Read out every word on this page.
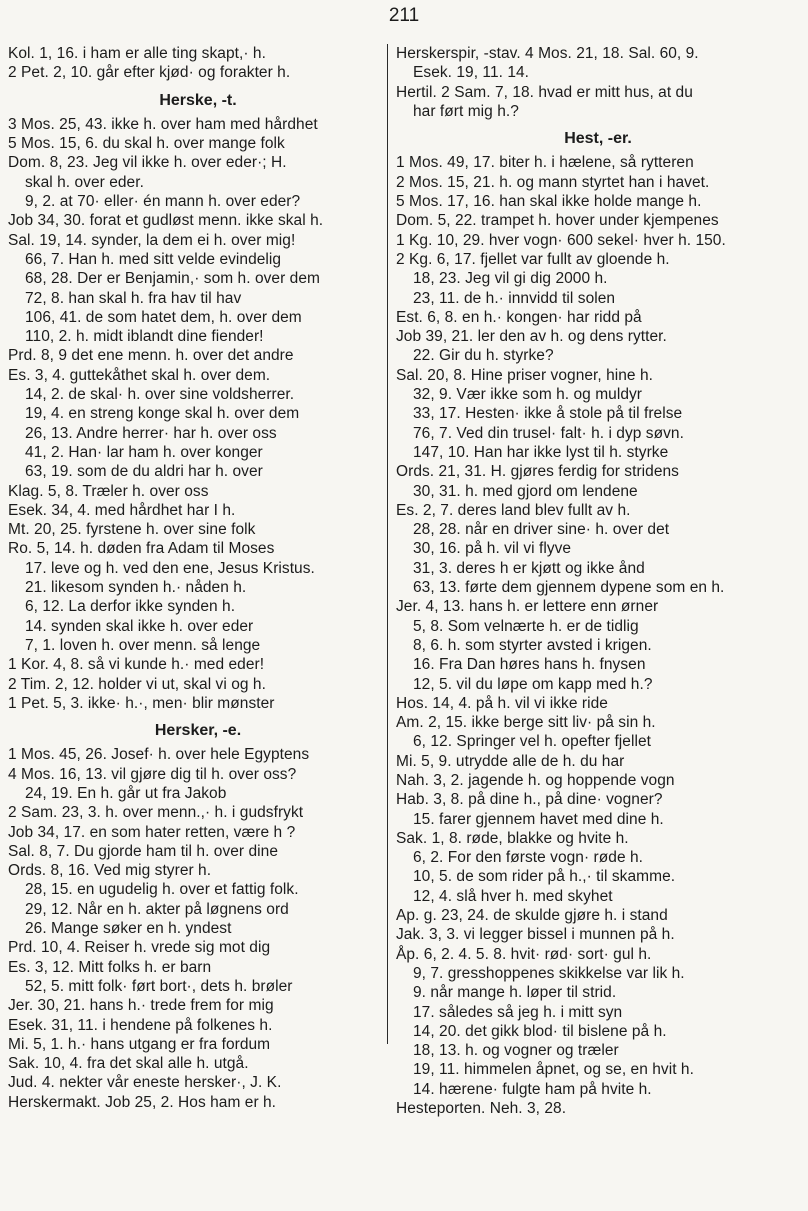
211
Kol. 1, 16. i ham er alle ting skapt,· h.
2 Pet. 2, 10. går efter kjød· og forakter h.
Herske, -t.
3 Mos. 25, 43. ikke h. over ham med hårdhet
5 Mos. 15, 6. du skal h. over mange folk
Dom. 8, 23. Jeg vil ikke h. over eder·; H.
skal h. over eder.
9, 2. at 70· eller· én mann h. over eder?
Job 34, 30. forat et gudløst menn. ikke skal h.
Sal. 19, 14. synder, la dem ei h. over mig!
66, 7. Han h. med sitt velde evindelig
68, 28. Der er Benjamin,· som h. over dem
72, 8. han skal h. fra hav til hav
106, 41. de som hatet dem, h. over dem
110, 2. h. midt iblandt dine fiender!
Prd. 8, 9 det ene menn. h. over det andre
Es. 3, 4. guttekåthet skal h. over dem.
14, 2. de skal· h. over sine voldsherrer.
19, 4. en streng konge skal h. over dem
26, 13. Andre herrer· har h. over oss
41, 2. Han· lar ham h. over konger
63, 19. som de du aldri har h. over
Klag. 5, 8. Træler h. over oss
Esek. 34, 4. med hårdhet har I h.
Mt. 20, 25. fyrstene h. over sine folk
Ro. 5, 14. h. døden fra Adam til Moses
17. leve og h. ved den ene, Jesus Kristus.
21. likesom synden h.· nåden h.
6, 12. La derfor ikke synden h.
14. synden skal ikke h. over eder
7, 1. loven h. over menn. så lenge
1 Kor. 4, 8. så vi kunde h.· med eder!
2 Tim. 2, 12. holder vi ut, skal vi og h.
1 Pet. 5, 3. ikke· h.·, men· blir mønster
Hersker, -e.
1 Mos. 45, 26. Josef· h. over hele Egyptens
4 Mos. 16, 13. vil gjøre dig til h. over oss?
24, 19. En h. går ut fra Jakob
2 Sam. 23, 3. h. over menn.,· h. i gudsfrykt
Job 34, 17. en som hater retten, være h ?
Sal. 8, 7. Du gjorde ham til h. over dine
Ords. 8, 16. Ved mig styrer h.
28, 15. en ugudelig h. over et fattig folk.
29, 12. Når en h. akter på løgnens ord
26. Mange søker en h. yndest
Prd. 10, 4. Reiser h. vrede sig mot dig
Es. 3, 12. Mitt folks h. er barn
52, 5. mitt folk· ført bort·, dets h. brøler
Jer. 30, 21. hans h.· trede frem for mig
Esek. 31, 11. i hendene på folkenes h.
Mi. 5, 1. h.· hans utgang er fra fordum
Sak. 10, 4. fra det skal alle h. utgå.
Jud. 4. nekter vår eneste hersker·, J. K.
Herskermakt. Job 25, 2. Hos ham er h.
Herskerspir, -stav. 4 Mos. 21, 18. Sal. 60, 9.
Esek. 19, 11. 14.
Hertil. 2 Sam. 7, 18. hvad er mitt hus, at du
har ført mig h.?
Hest, -er.
1 Mos. 49, 17. biter h. i hælene, så rytteren
2 Mos. 15, 21. h. og mann styrtet han i havet.
5 Mos. 17, 16. han skal ikke holde mange h.
Dom. 5, 22. trampet h. hover under kjempenes
1 Kg. 10, 29. hver vogn· 600 sekel· hver h. 150.
2 Kg. 6, 17. fjellet var fullt av gloende h.
18, 23. Jeg vil gi dig 2000 h.
23, 11. de h.· innvidd til solen
Est. 6, 8. en h.· kongen· har ridd på
Job 39, 21. ler den av h. og dens rytter.
22. Gir du h. styrke?
Sal. 20, 8. Hine priser vogner, hine h.
32, 9. Vær ikke som h. og muldyr
33, 17. Hesten· ikke å stole på til frelse
76, 7. Ved din trusel· falt· h. i dyp søvn.
147, 10. Han har ikke lyst til h. styrke
Ords. 21, 31. H. gjøres ferdig for stridens
30, 31. h. med gjord om lendene
Es. 2, 7. deres land blev fullt av h.
28, 28. når en driver sine· h. over det
30, 16. på h. vil vi flyve
31, 3. deres h er kjøtt og ikke ånd
63, 13. førte dem gjennem dypene som en h.
Jer. 4, 13. hans h. er lettere enn ørner
5, 8. Som velnærte h. er de tidlig
8, 6. h. som styrter avsted i krigen.
16. Fra Dan høres hans h. fnysen
12, 5. vil du løpe om kapp med h.?
Hos. 14, 4. på h. vil vi ikke ride
Am. 2, 15. ikke berge sitt liv· på sin h.
6, 12. Springer vel h. opefter fjellet
Mi. 5, 9. utrydde alle de h. du har
Nah. 3, 2. jagende h. og hoppende vogn
Hab. 3, 8. på dine h., på dine· vogner?
15. farer gjennem havet med dine h.
Sak. 1, 8. røde, blakke og hvite h.
6, 2. For den første vogn· røde h.
10, 5. de som rider på h.,· til skamme.
12, 4. slå hver h. med skyhet
Ap. g. 23, 24. de skulde gjøre h. i stand
Jak. 3, 3. vi legger bissel i munnen på h.
Åp. 6, 2. 4. 5. 8. hvit· rød· sort· gul h.
9, 7. gresshoppenes skikkelse var lik h.
9. når mange h. løper til strid.
17. således så jeg h. i mitt syn
14, 20. det gikk blod· til bislene på h.
18, 13. h. og vogner og træler
19, 11. himmelen åpnet, og se, en hvit h.
14. hærene· fulgte ham på hvite h.
Hesteporten. Neh. 3, 28.
